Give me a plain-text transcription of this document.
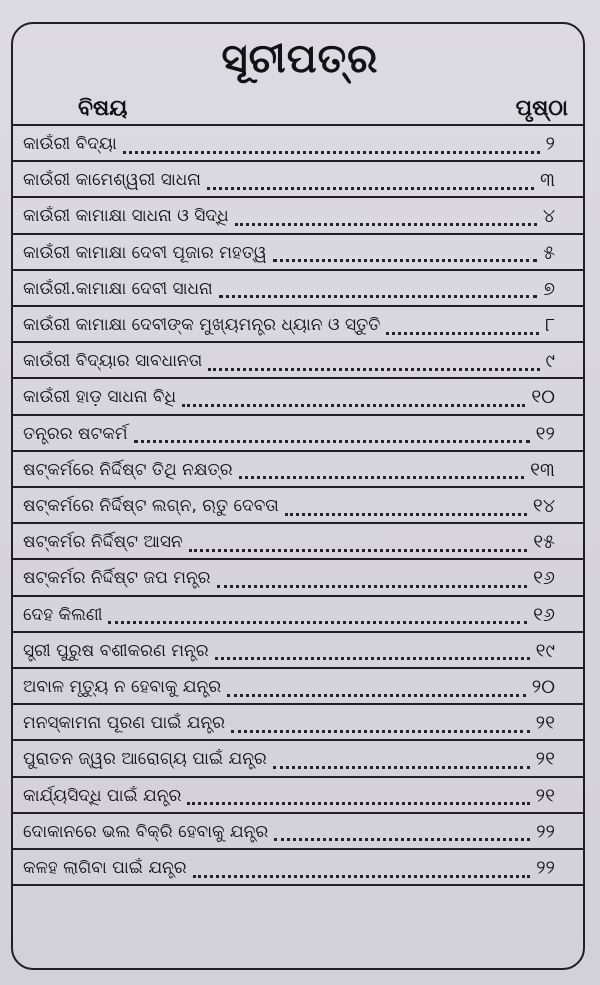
ସୂଚୀପତ୍ର
ବିଷୟ	ପୃଷ୍ଠା
କାଉଁରୀ ବିଦ୍ୟା	୨
କାଉଁରୀ କାମେଶ୍ୱରୀ ସାଧନା	୩
କାଉଁରୀ କାମାକ୍ଷା ସାଧନା ଓ ସିଦ୍ଧି	୪
କାଉଁରୀ କାମାକ୍ଷା ଦେବୀ ପୂଜାର ମହତ୍ୱ	୫
କାଉଁରୀ.କାମାକ୍ଷା ଦେବୀ ସାଧନା	୭
କାଉଁରୀ କାମାକ୍ଷା ଦେବୀଙ୍କ ମୁଖ୍ୟମନ୍ତ୍ର ଧ୍ୟାନ ଓ ସ୍ତୁତି	୮
କାଉଁରୀ ବିଦ୍ୟାର ସାବଧାନତା	୯
କାଉଁରୀ ହାଡ଼ ସାଧନା ବିଧି	୧୦
ତନ୍ତ୍ରର ଷଟକର୍ମ	୧୨
ଷଟ୍‌କର୍ମରେ ନିର୍ଦ୍ଦିଷ୍ଟ ତିଥି ନକ୍ଷତ୍ର	୧୩
ଷଟ୍‌କର୍ମରେ ନିର୍ଦ୍ଦିଷ୍ଟ ଲଗ୍ନ, ଋତୁ ଦେବତା	୧୪
ଷଟ୍‌କର୍ମର ନିର୍ଦ୍ଦିଷ୍ଟ ଆସନ	୧୫
ଷଟ୍‌କର୍ମର ନିର୍ଦ୍ଦିଷ୍ଟ ଜପ ମନ୍ତ୍ର	୧୬
ଦେହ କିଲଣୀ	୧୬
ସ୍ତ୍ରୀ ପୁରୁଷ ବଶୀକରଣ ମନ୍ତ୍ର	୧୯
ଅବାଳ ମୃତ୍ୟୁ ନ ହେବାକୁ ଯନ୍ତ୍ର	୨୦
ମନସ୍କାମନା ପୂରଣ ପାଇଁ ଯନ୍ତ୍ର	୨୧
ପୁରାତନ ଜ୍ୱର ଆରୋଗ୍ୟ ପାଇଁ ଯନ୍ତ୍ର	୨୧
କାର୍ଯ୍ୟସିଦ୍ଧି ପାଇଁ ଯନ୍ତ୍ର	୨୧
ଦୋକାନରେ ଭଲ ବିକ୍ରି ହେବାକୁ ଯନ୍ତ୍ର	୨୨
କଳହ ଲାଗିବା ପାଇଁ ଯନ୍ତ୍ର	୨୨
